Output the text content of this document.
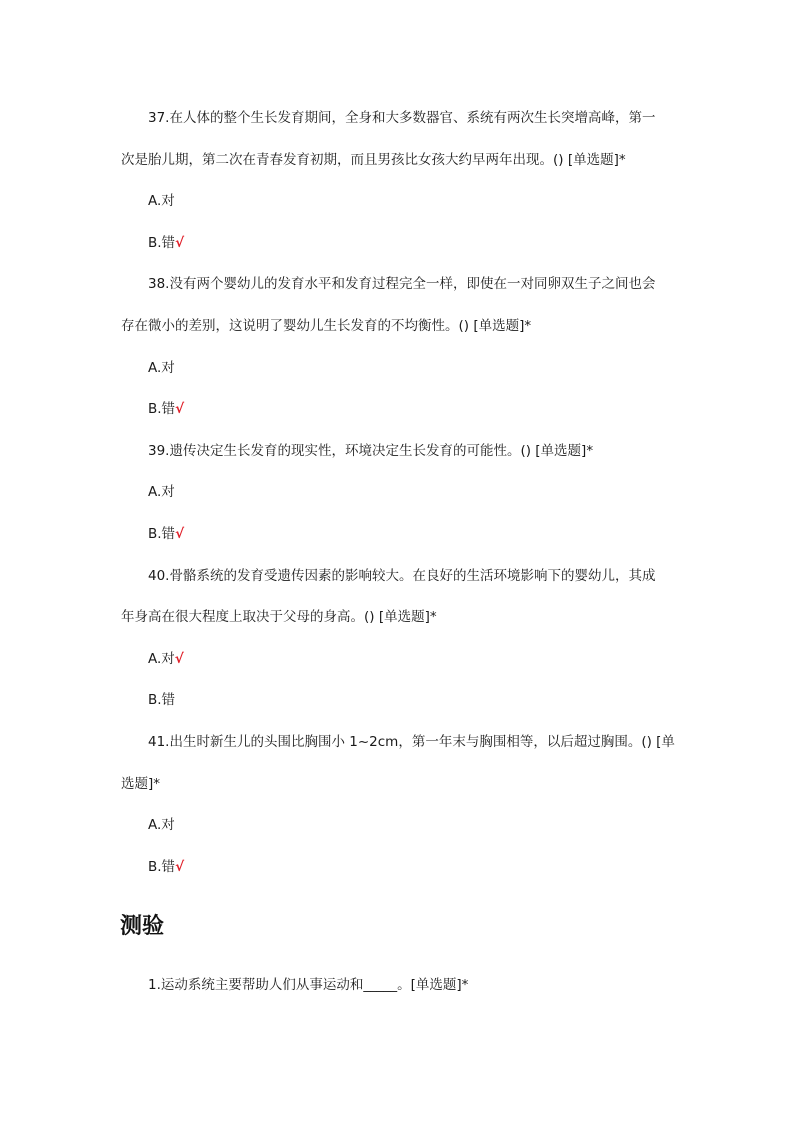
37.在人体的整个生长发育期间，全身和大多数器官、系统有两次生长突增高峰，第一
次是胎儿期，第二次在青春发育初期，而且男孩比女孩大约早两年出现。() [单选题]*
A.对
B.错√
38.没有两个婴幼儿的发育水平和发育过程完全一样，即使在一对同卵双生子之间也会
存在微小的差别，这说明了婴幼儿生长发育的不均衡性。() [单选题]*
A.对
B.错√
39.遗传决定生长发育的现实性，环境决定生长发育的可能性。() [单选题]*
A.对
B.错√
40.骨骼系统的发育受遗传因素的影响较大。在良好的生活环境影响下的婴幼儿，其成
年身高在很大程度上取决于父母的身高。() [单选题]*
A.对√
B.错
41.出生时新生儿的头围比胸围小 1~2cm，第一年末与胸围相等，以后超过胸围。() [单
选题]*
A.对
B.错√
测验
1.运动系统主要帮助人们从事运动和_____。[单选题]*
